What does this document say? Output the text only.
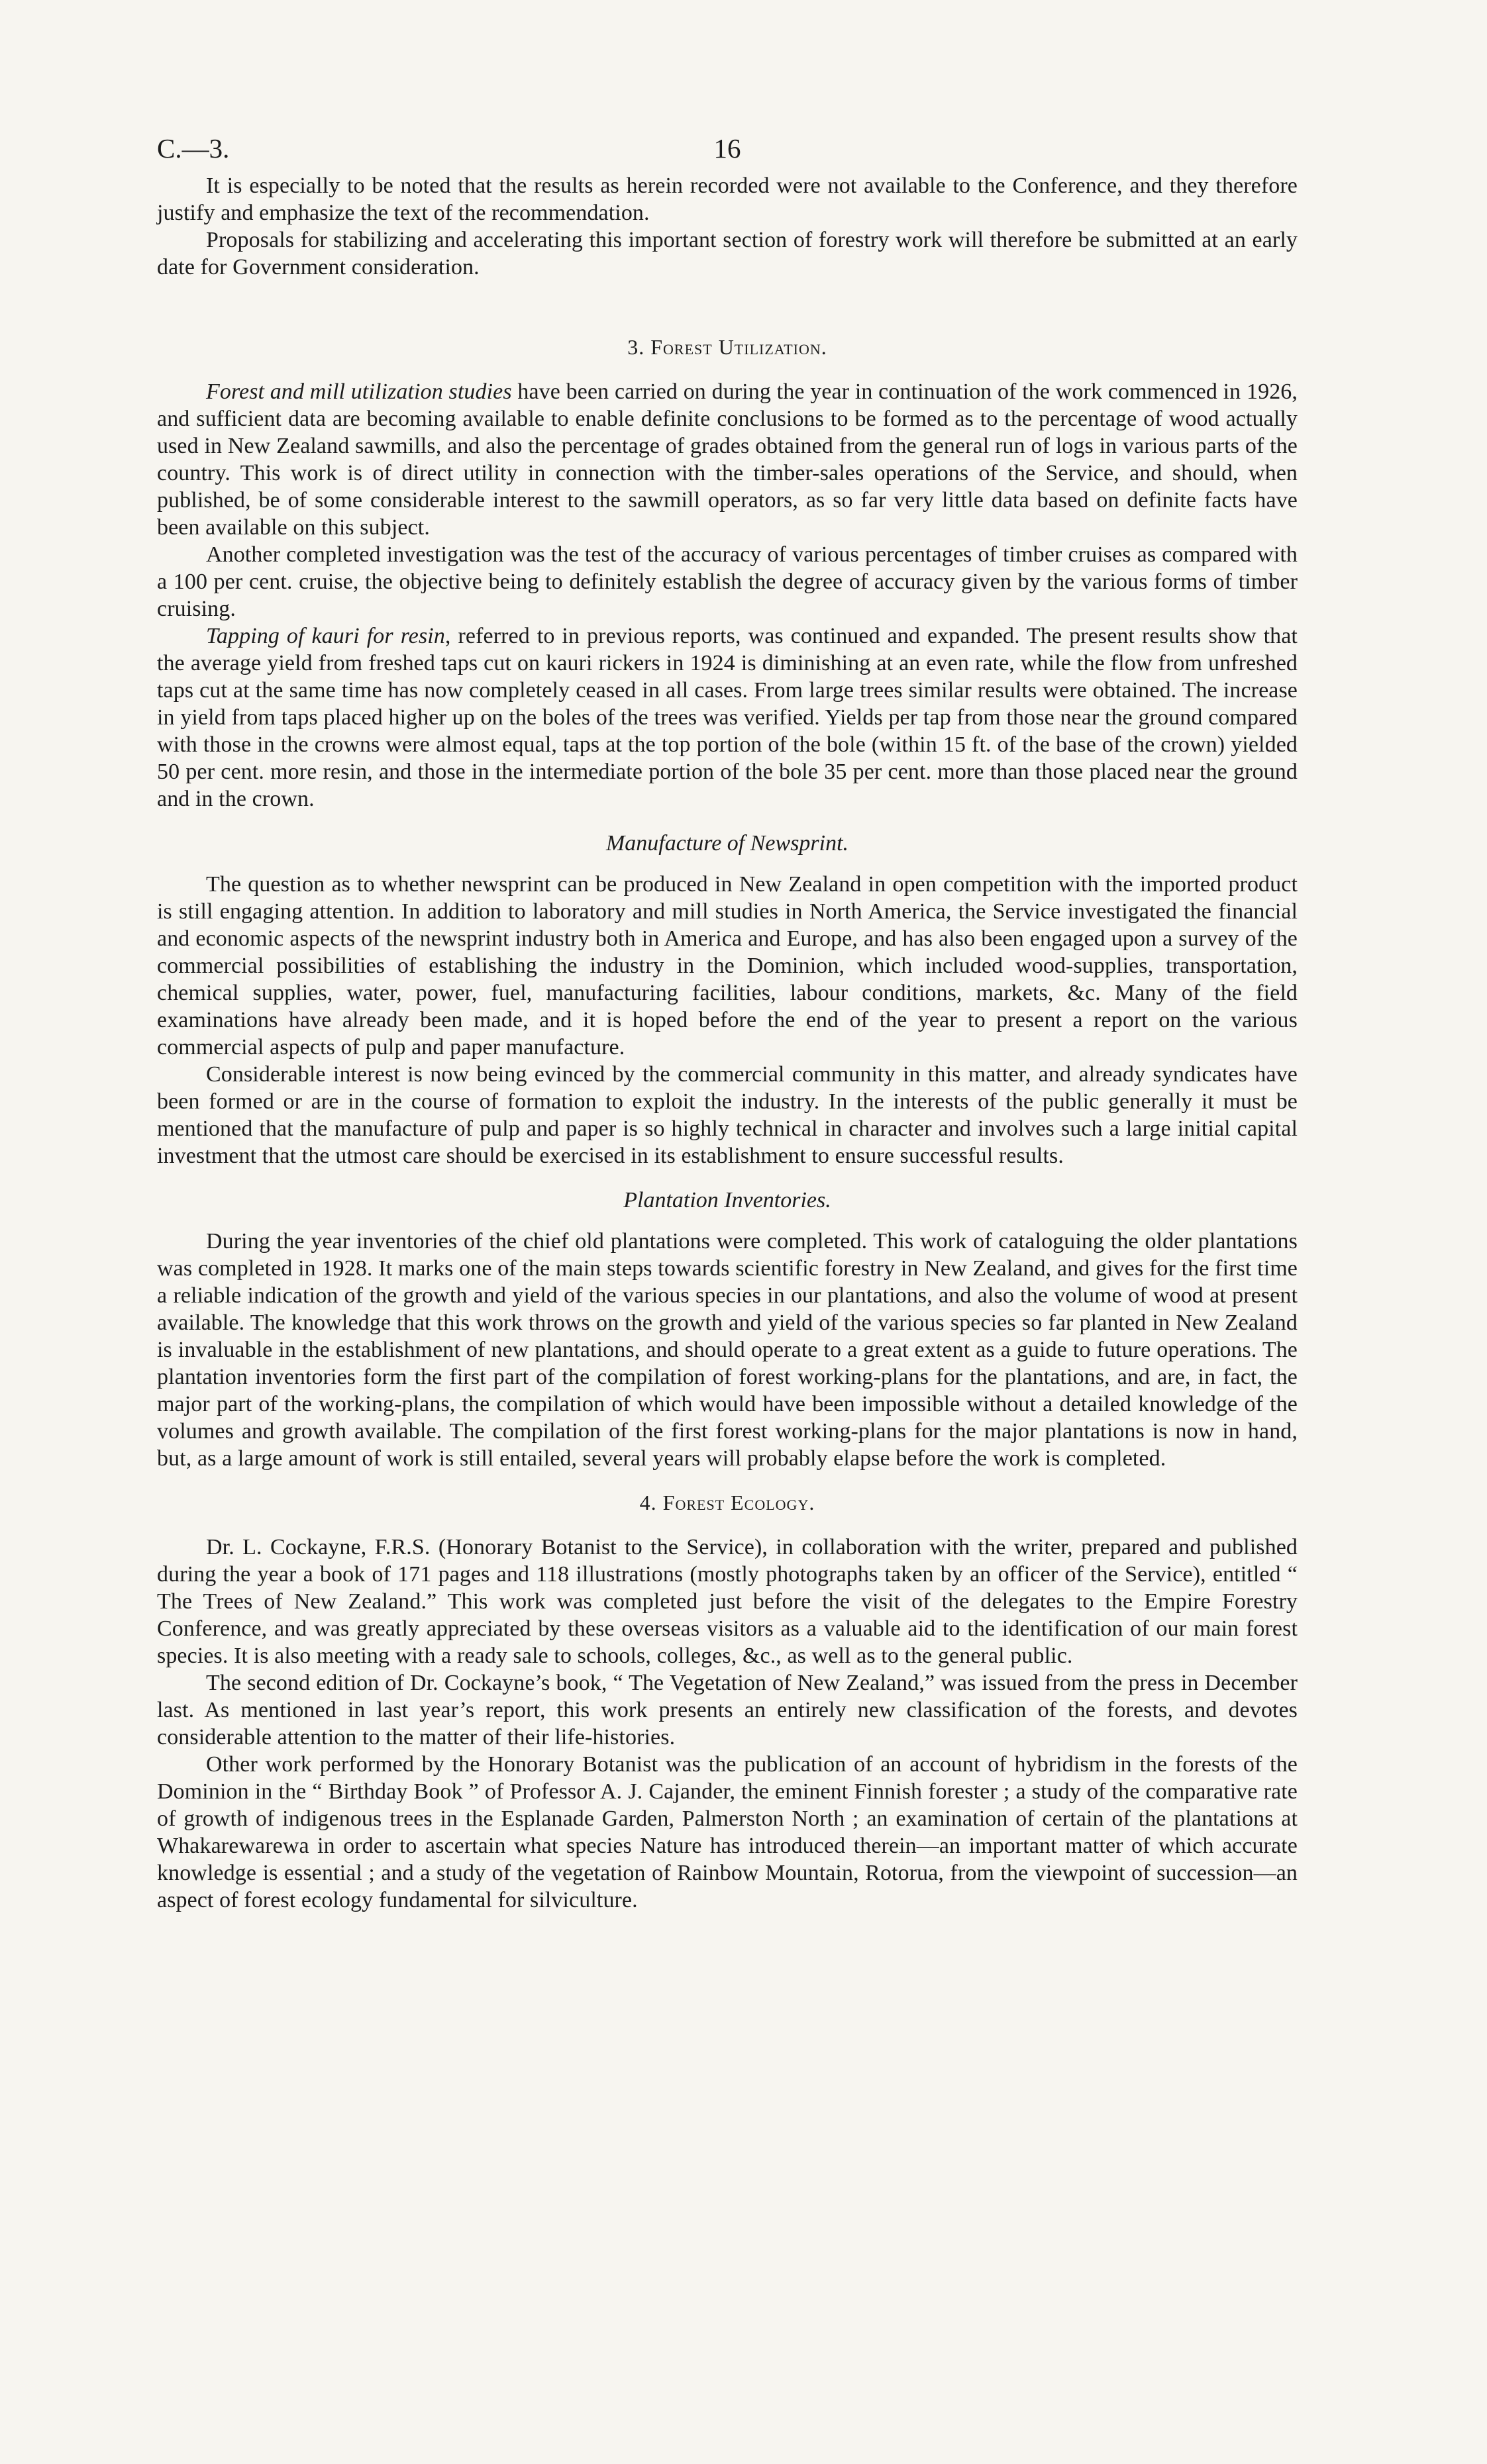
C.—3.	16

It is especially to be noted that the results as herein recorded were not available to the Conference, and they therefore justify and emphasize the text of the recommendation.

Proposals for stabilizing and accelerating this important section of forestry work will therefore be submitted at an early date for Government consideration.

3. Forest Utilization.

Forest and mill utilization studies have been carried on during the year in continuation of the work commenced in 1926, and sufficient data are becoming available to enable definite conclusions to be formed as to the percentage of wood actually used in New Zealand sawmills, and also the percentage of grades obtained from the general run of logs in various parts of the country. This work is of direct utility in connection with the timber-sales operations of the Service, and should, when published, be of some considerable interest to the sawmill operators, as so far very little data based on definite facts have been available on this subject.

Another completed investigation was the test of the accuracy of various percentages of timber cruises as compared with a 100 per cent. cruise, the objective being to definitely establish the degree of accuracy given by the various forms of timber cruising.

Tapping of kauri for resin, referred to in previous reports, was continued and expanded. The present results show that the average yield from freshed taps cut on kauri rickers in 1924 is diminishing at an even rate, while the flow from unfreshed taps cut at the same time has now completely ceased in all cases. From large trees similar results were obtained. The increase in yield from taps placed higher up on the boles of the trees was verified. Yields per tap from those near the ground compared with those in the crowns were almost equal, taps at the top portion of the bole (within 15 ft. of the base of the crown) yielded 50 per cent. more resin, and those in the intermediate portion of the bole 35 per cent. more than those placed near the ground and in the crown.

Manufacture of Newsprint.

The question as to whether newsprint can be produced in New Zealand in open competition with the imported product is still engaging attention. In addition to laboratory and mill studies in North America, the Service investigated the financial and economic aspects of the newsprint industry both in America and Europe, and has also been engaged upon a survey of the commercial possibilities of establishing the industry in the Dominion, which included wood-supplies, transportation, chemical supplies, water, power, fuel, manufacturing facilities, labour conditions, markets, &c. Many of the field examinations have already been made, and it is hoped before the end of the year to present a report on the various commercial aspects of pulp and paper manufacture.

Considerable interest is now being evinced by the commercial community in this matter, and already syndicates have been formed or are in the course of formation to exploit the industry. In the interests of the public generally it must be mentioned that the manufacture of pulp and paper is so highly technical in character and involves such a large initial capital investment that the utmost care should be exercised in its establishment to ensure successful results.

Plantation Inventories.

During the year inventories of the chief old plantations were completed. This work of cataloguing the older plantations was completed in 1928. It marks one of the main steps towards scientific forestry in New Zealand, and gives for the first time a reliable indication of the growth and yield of the various species in our plantations, and also the volume of wood at present available. The knowledge that this work throws on the growth and yield of the various species so far planted in New Zealand is invaluable in the establishment of new plantations, and should operate to a great extent as a guide to future operations. The plantation inventories form the first part of the compilation of forest working-plans for the plantations, and are, in fact, the major part of the working-plans, the compilation of which would have been impossible without a detailed knowledge of the volumes and growth available. The compilation of the first forest working-plans for the major plantations is now in hand, but, as a large amount of work is still entailed, several years will probably elapse before the work is completed.

4. Forest Ecology.

Dr. L. Cockayne, F.R.S. (Honorary Botanist to the Service), in collaboration with the writer, prepared and published during the year a book of 171 pages and 118 illustrations (mostly photographs taken by an officer of the Service), entitled “ The Trees of New Zealand.” This work was completed just before the visit of the delegates to the Empire Forestry Conference, and was greatly appreciated by these overseas visitors as a valuable aid to the identification of our main forest species. It is also meeting with a ready sale to schools, colleges, &c., as well as to the general public.

The second edition of Dr. Cockayne’s book, “ The Vegetation of New Zealand,” was issued from the press in December last. As mentioned in last year’s report, this work presents an entirely new classification of the forests, and devotes considerable attention to the matter of their life-histories.

Other work performed by the Honorary Botanist was the publication of an account of hybridism in the forests of the Dominion in the “ Birthday Book ” of Professor A. J. Cajander, the eminent Finnish forester ; a study of the comparative rate of growth of indigenous trees in the Esplanade Garden, Palmerston North ; an examination of certain of the plantations at Whakarewarewa in order to ascertain what species Nature has introduced therein—an important matter of which accurate knowledge is essential ; and a study of the vegetation of Rainbow Mountain, Rotorua, from the viewpoint of succession—an aspect of forest ecology fundamental for silviculture.
